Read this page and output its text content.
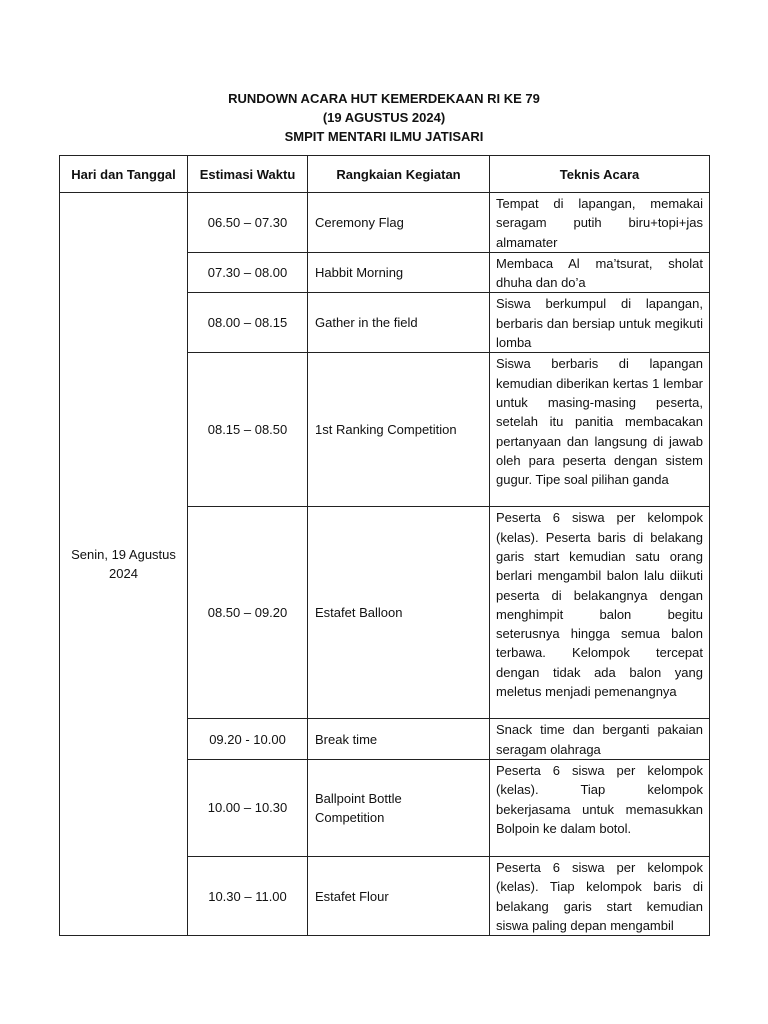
RUNDOWN ACARA HUT KEMERDEKAAN RI KE 79
(19 AGUSTUS 2024)
SMPIT MENTARI ILMU JATISARI
Hari dan Tanggal	Estimasi Waktu	Rangkaian Kegiatan	Teknis Acara

Senin, 19 Agustus 2024	06.50 – 07.30	Ceremony Flag	Tempat di lapangan, memakai seragam putih biru+topi+jas almamater

	07.30 – 08.00	Habbit Morning	Membaca Al ma’tsurat, sholat dhuha dan do’a

	08.00 – 08.15	Gather in the field	Siswa berkumpul di lapangan, berbaris dan bersiap untuk megikuti lomba

	08.15 – 08.50	1st Ranking Competition	Siswa berbaris di lapangan kemudian diberikan kertas 1 lembar untuk masing-masing peserta, setelah itu panitia membacakan pertanyaan dan langsung di jawab oleh para peserta dengan sistem gugur. Tipe soal pilihan ganda

	08.50 – 09.20	Estafet Balloon	Peserta 6 siswa per kelompok (kelas). Peserta baris di belakang garis start kemudian satu orang berlari mengambil balon lalu diikuti peserta di belakangnya dengan menghimpit balon begitu seterusnya hingga semua balon terbawa. Kelompok tercepat dengan tidak ada balon yang meletus menjadi pemenangnya

	09.20 - 10.00	Break time	Snack time dan berganti pakaian seragam olahraga

	10.00 – 10.30	Ballpoint Bottle Competition	Peserta 6 siswa per kelompok (kelas). Tiap kelompok bekerjasama untuk memasukkan Bolpoin ke dalam botol.

	10.30 – 11.00	Estafet Flour	Peserta 6 siswa per kelompok (kelas). Tiap kelompok baris di belakang garis start kemudian siswa paling depan mengambil
